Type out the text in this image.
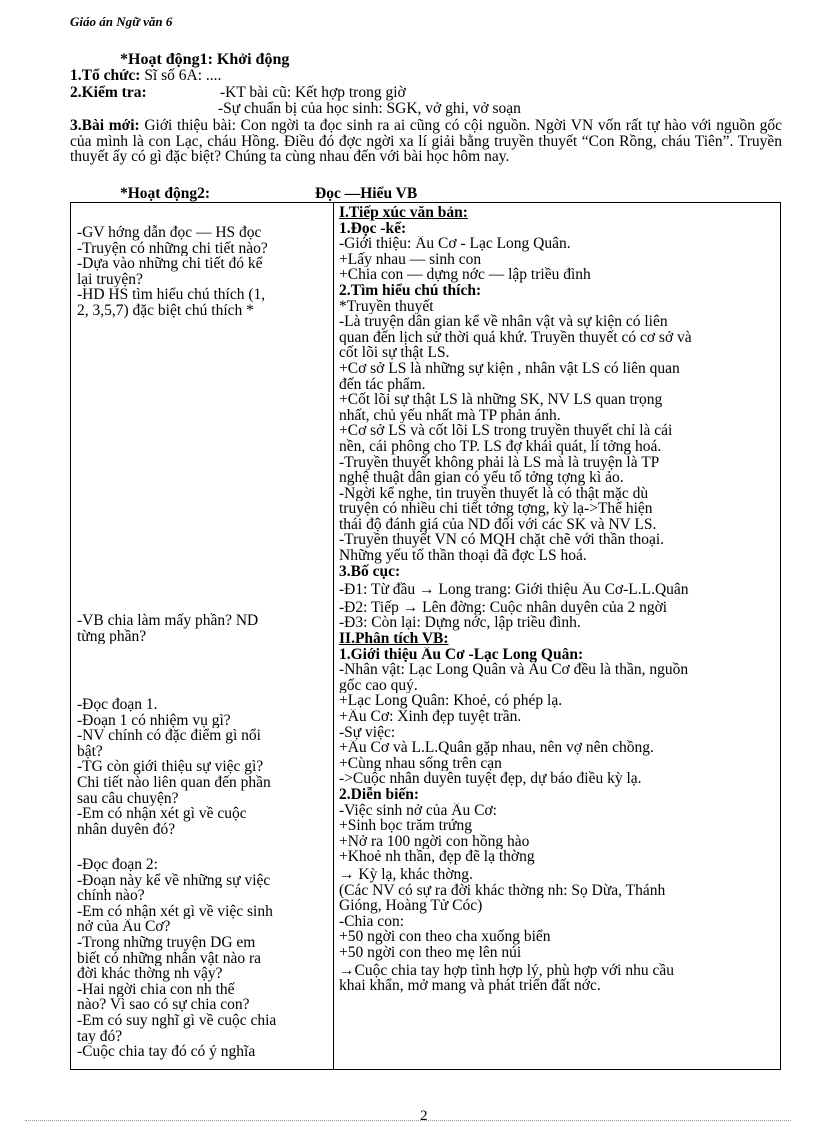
Giáo án Ngữ văn 6
*Hoạt động1: Khởi động
1.Tổ chức: Sĩ số 6A: ....
2.Kiểm tra:	-KT bài cũ: Kết hợp trong giờ
-Sự chuẩn bị của học sinh: SGK, vở ghi, vở soạn
3.Bài mới: Giới thiệu bài: Con ngời ta đọc sinh ra ai cũng có cội nguồn. Ngời VN vốn rất tự hào với nguồn gốc của mình là con Lạc, cháu Hồng. Điều đó đợc ngời xa lí giải bằng truyền thuyết “Con Rồng, cháu Tiên”. Truyền thuyết ấy có gì đặc biệt? Chúng ta cùng nhau đến với bài học hôm nay.
*Hoạt động2:	Đọc —Hiểu VB
-GV hớng dẫn đọc — HS đọc
-Truyện có những chi tiết nào?
-Dựa vào những chi tiết đó kể
lại truyện?
-HD HS tìm hiểu chú thích (1,
2, 3,5,7) đặc biệt chú thích *
-VB chia làm mấy phần? ND
từng phần?
-Đọc đoạn 1.
-Đoạn 1 có nhiệm vụ gì?
-NV chính có đặc điểm gì nổi
bật?
-TG còn giới thiệu sự việc gì?
Chi tiết nào liên quan đến phần
sau câu chuyện?
-Em có nhận xét gì về cuộc
nhân duyên đó?
-Đọc đoạn 2:
-Đoạn này kể về những sự việc
chính nào?
-Em có nhận xét gì về việc sinh
nở của Âu Cơ?
-Trong những truyện DG em
biết có những nhân vật nào ra
đời khác thờng nh vậy?
-Hai ngời chia con nh thế
nào? Vì sao có sự chia con?
-Em có suy nghĩ gì về cuộc chia
tay đó?
-Cuộc chia tay đó có ý nghĩa
I.Tiếp xúc văn bản:
1.Đọc -kể:
-Giới thiệu: Âu Cơ - Lạc Long Quân.
+Lấy nhau — sinh con
+Chia con — dựng nớc — lập triều đình
2.Tìm hiểu chú thích:
*Truyền thuyết
-Là truyện dân gian kể về nhân vật và sự kiện có liên
quan đến lịch sử thời quá khứ. Truyền thuyết có cơ sở và
cốt lõi sự thật LS.
+Cơ sở LS là những sự kiện , nhân vật LS có liên quan
đến tác phẩm.
+Cốt lõi sự thật LS là những SK, NV LS quan trọng
nhất, chủ yếu nhất mà TP phản ánh.
+Cơ sở LS và cốt lõi LS trong truyền thuyết chỉ là cái
nền, cái phông cho TP. LS đợ khái quát, lí tởng hoá.
-Truyền thuyết không phải là LS mà là truyện là TP
nghệ thuật dân gian có yếu tố tởng tợng kì ảo.
-Ngời kể nghe, tin truyền thuyết là có thật mặc dù
truyện có nhiều chi tiết tởng tợng, kỳ lạ->Thể hiện
thái độ đánh giá của ND đối với các SK và NV LS.
-Truyền thuyết VN có MQH chặt chẽ với thần thoại.
Những yếu tố thần thoại đã đợc LS hoá.
3.Bố cục:
-Đ1: Từ đầu → Long trang: Giới thiệu Âu Cơ-L.L.Quân
-Đ2: Tiếp → Lên đờng: Cuộc nhân duyên của 2 ngời
-Đ3: Còn lại: Dựng nớc, lập triều đình.
II.Phân tích VB:
1.Giới thiệu Âu Cơ -Lạc Long Quân:
-Nhân vật: Lạc Long Quân và Âu Cơ đều là thần, nguồn
gốc cao quý.
+Lạc Long Quân: Khoẻ, có phép lạ.
+Âu Cơ: Xinh đẹp tuyệt trần.
-Sự việc:
+Âu Cơ và L.L.Quân gặp nhau, nên vợ nên chồng.
+Cùng nhau sống trên cạn
->Cuộc nhân duyên tuyệt đẹp, dự báo điều kỳ lạ.
2.Diễn biến:
-Việc sinh nở của Âu Cơ:
+Sinh bọc trăm trứng
+Nở ra 100 ngời con hồng hào
+Khoẻ nh thần, đẹp đẽ lạ thờng
→ Kỳ lạ, khác thờng.
(Các NV có sự ra đời khác thờng nh: Sọ Dừa, Thánh
Gióng, Hoàng Tử Cóc)
-Chia con:
+50 ngời con theo cha xuống biển
+50 ngời con theo mẹ lên núi
→Cuộc chia tay hợp tình hợp lý, phù hợp với nhu cầu
khai khẩn, mở mang và phát triển đất nớc.
2
